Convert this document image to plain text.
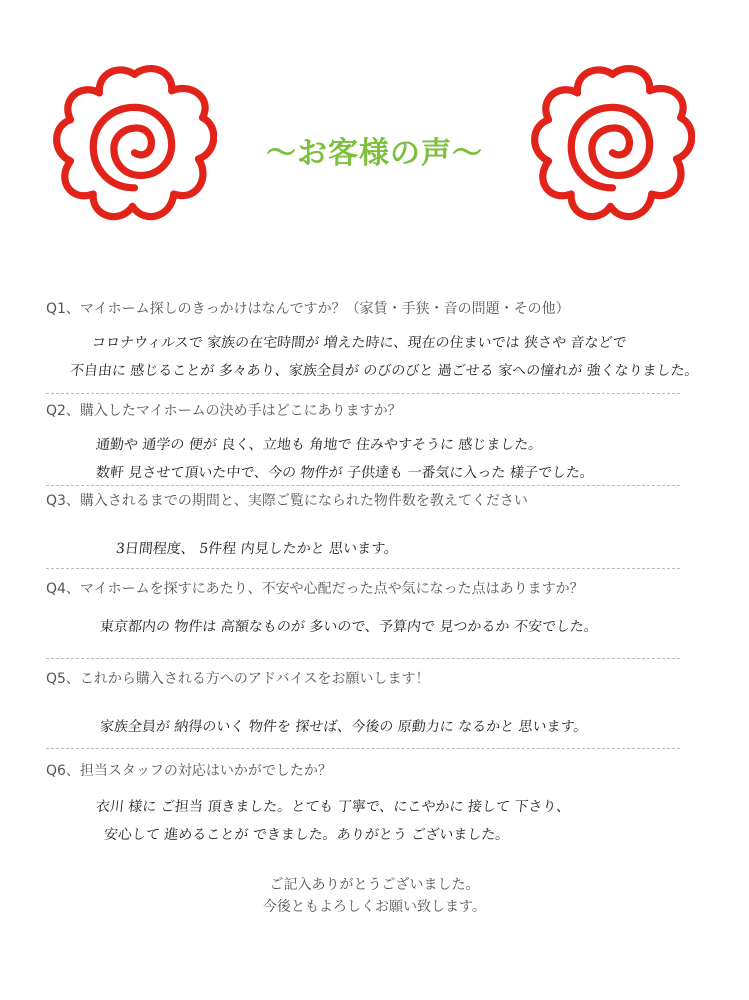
～お客様の声～
Q1、マイホーム探しのきっかけはなんですか？（家賃・手狭・音の問題・その他）
コロナウィルスで 家族の在宅時間が 増えた時に、現在の住まいでは 狭さや 音などで
不自由に 感じることが 多々あり、家族全員が のびのびと 過ごせる 家への憧れが 強くなりました。
Q2、購入したマイホームの決め手はどこにありますか？
通勤や 通学の 便が 良く、立地も 角地で 住みやすそうに 感じました。
数軒 見させて頂いた中で、今の 物件が 子供達も 一番気に入った 様子でした。
Q3、購入されるまでの期間と、実際ご覧になられた物件数を教えてください
3日間程度、 5件程 内見したかと 思います。
Q4、マイホームを探すにあたり、不安や心配だった点や気になった点はありますか？
東京都内の 物件は 高額なものが 多いので、予算内で 見つかるか 不安でした。
Q5、これから購入される方へのアドバイスをお願いします！
家族全員が 納得のいく 物件を 探せば、今後の 原動力に なるかと 思います。
Q6、担当スタッフの対応はいかがでしたか？
衣川 様に ご担当 頂きました。とても 丁寧で、にこやかに 接して 下さり、
安心して 進めることが できました。ありがとう ございました。
ご記入ありがとうございました。
今後ともよろしくお願い致します。
